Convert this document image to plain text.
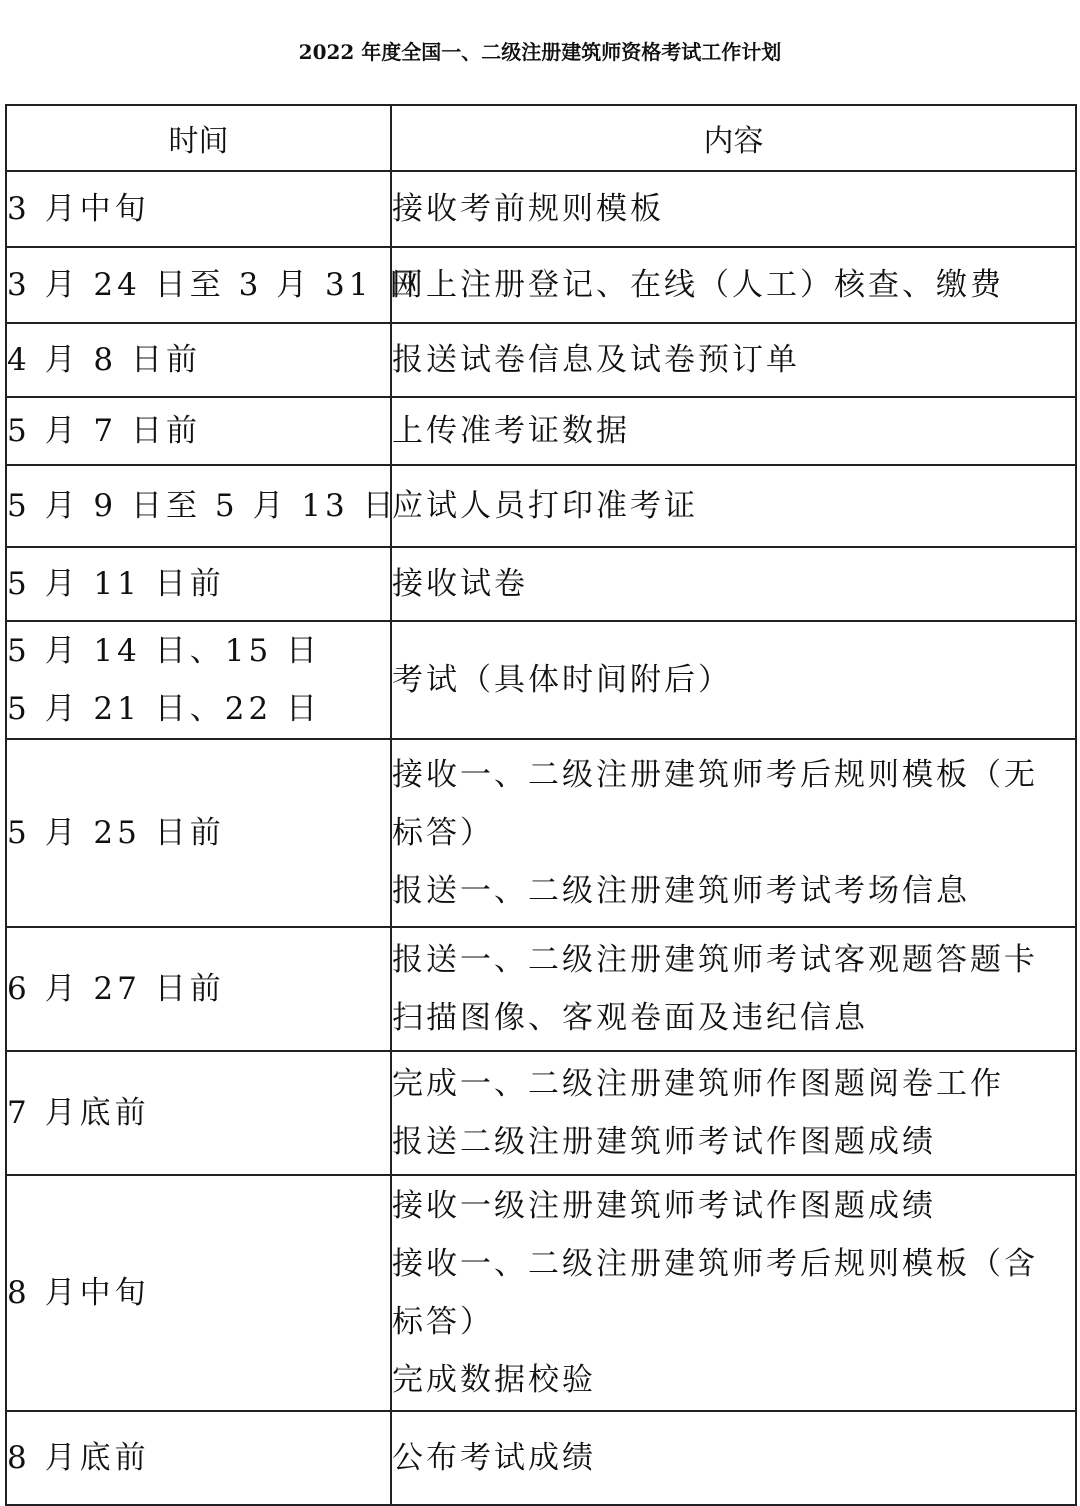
2022 年度全国一、二级注册建筑师资格考试工作计划
时间	内容

3 月中旬	接收考前规则模板

3 月 24 日至 3 月 31 日	网上注册登记、在线（人工）核查、缴费

4 月 8 日前	报送试卷信息及试卷预订单

5 月 7 日前	上传准考证数据

5 月 9 日至 5 月 13 日	应试人员打印准考证

5 月 11 日前	接收试卷

5 月 14 日、15 日
5 月 21 日、22 日	考试（具体时间附后）

5 月 25 日前	接收一、二级注册建筑师考后规则模板（无
标答）
报送一、二级注册建筑师考试考场信息

6 月 27 日前	报送一、二级注册建筑师考试客观题答题卡
扫描图像、客观卷面及违纪信息

7 月底前	完成一、二级注册建筑师作图题阅卷工作
报送二级注册建筑师考试作图题成绩

8 月中旬	接收一级注册建筑师考试作图题成绩
接收一、二级注册建筑师考后规则模板（含
标答）
完成数据校验

8 月底前	公布考试成绩
